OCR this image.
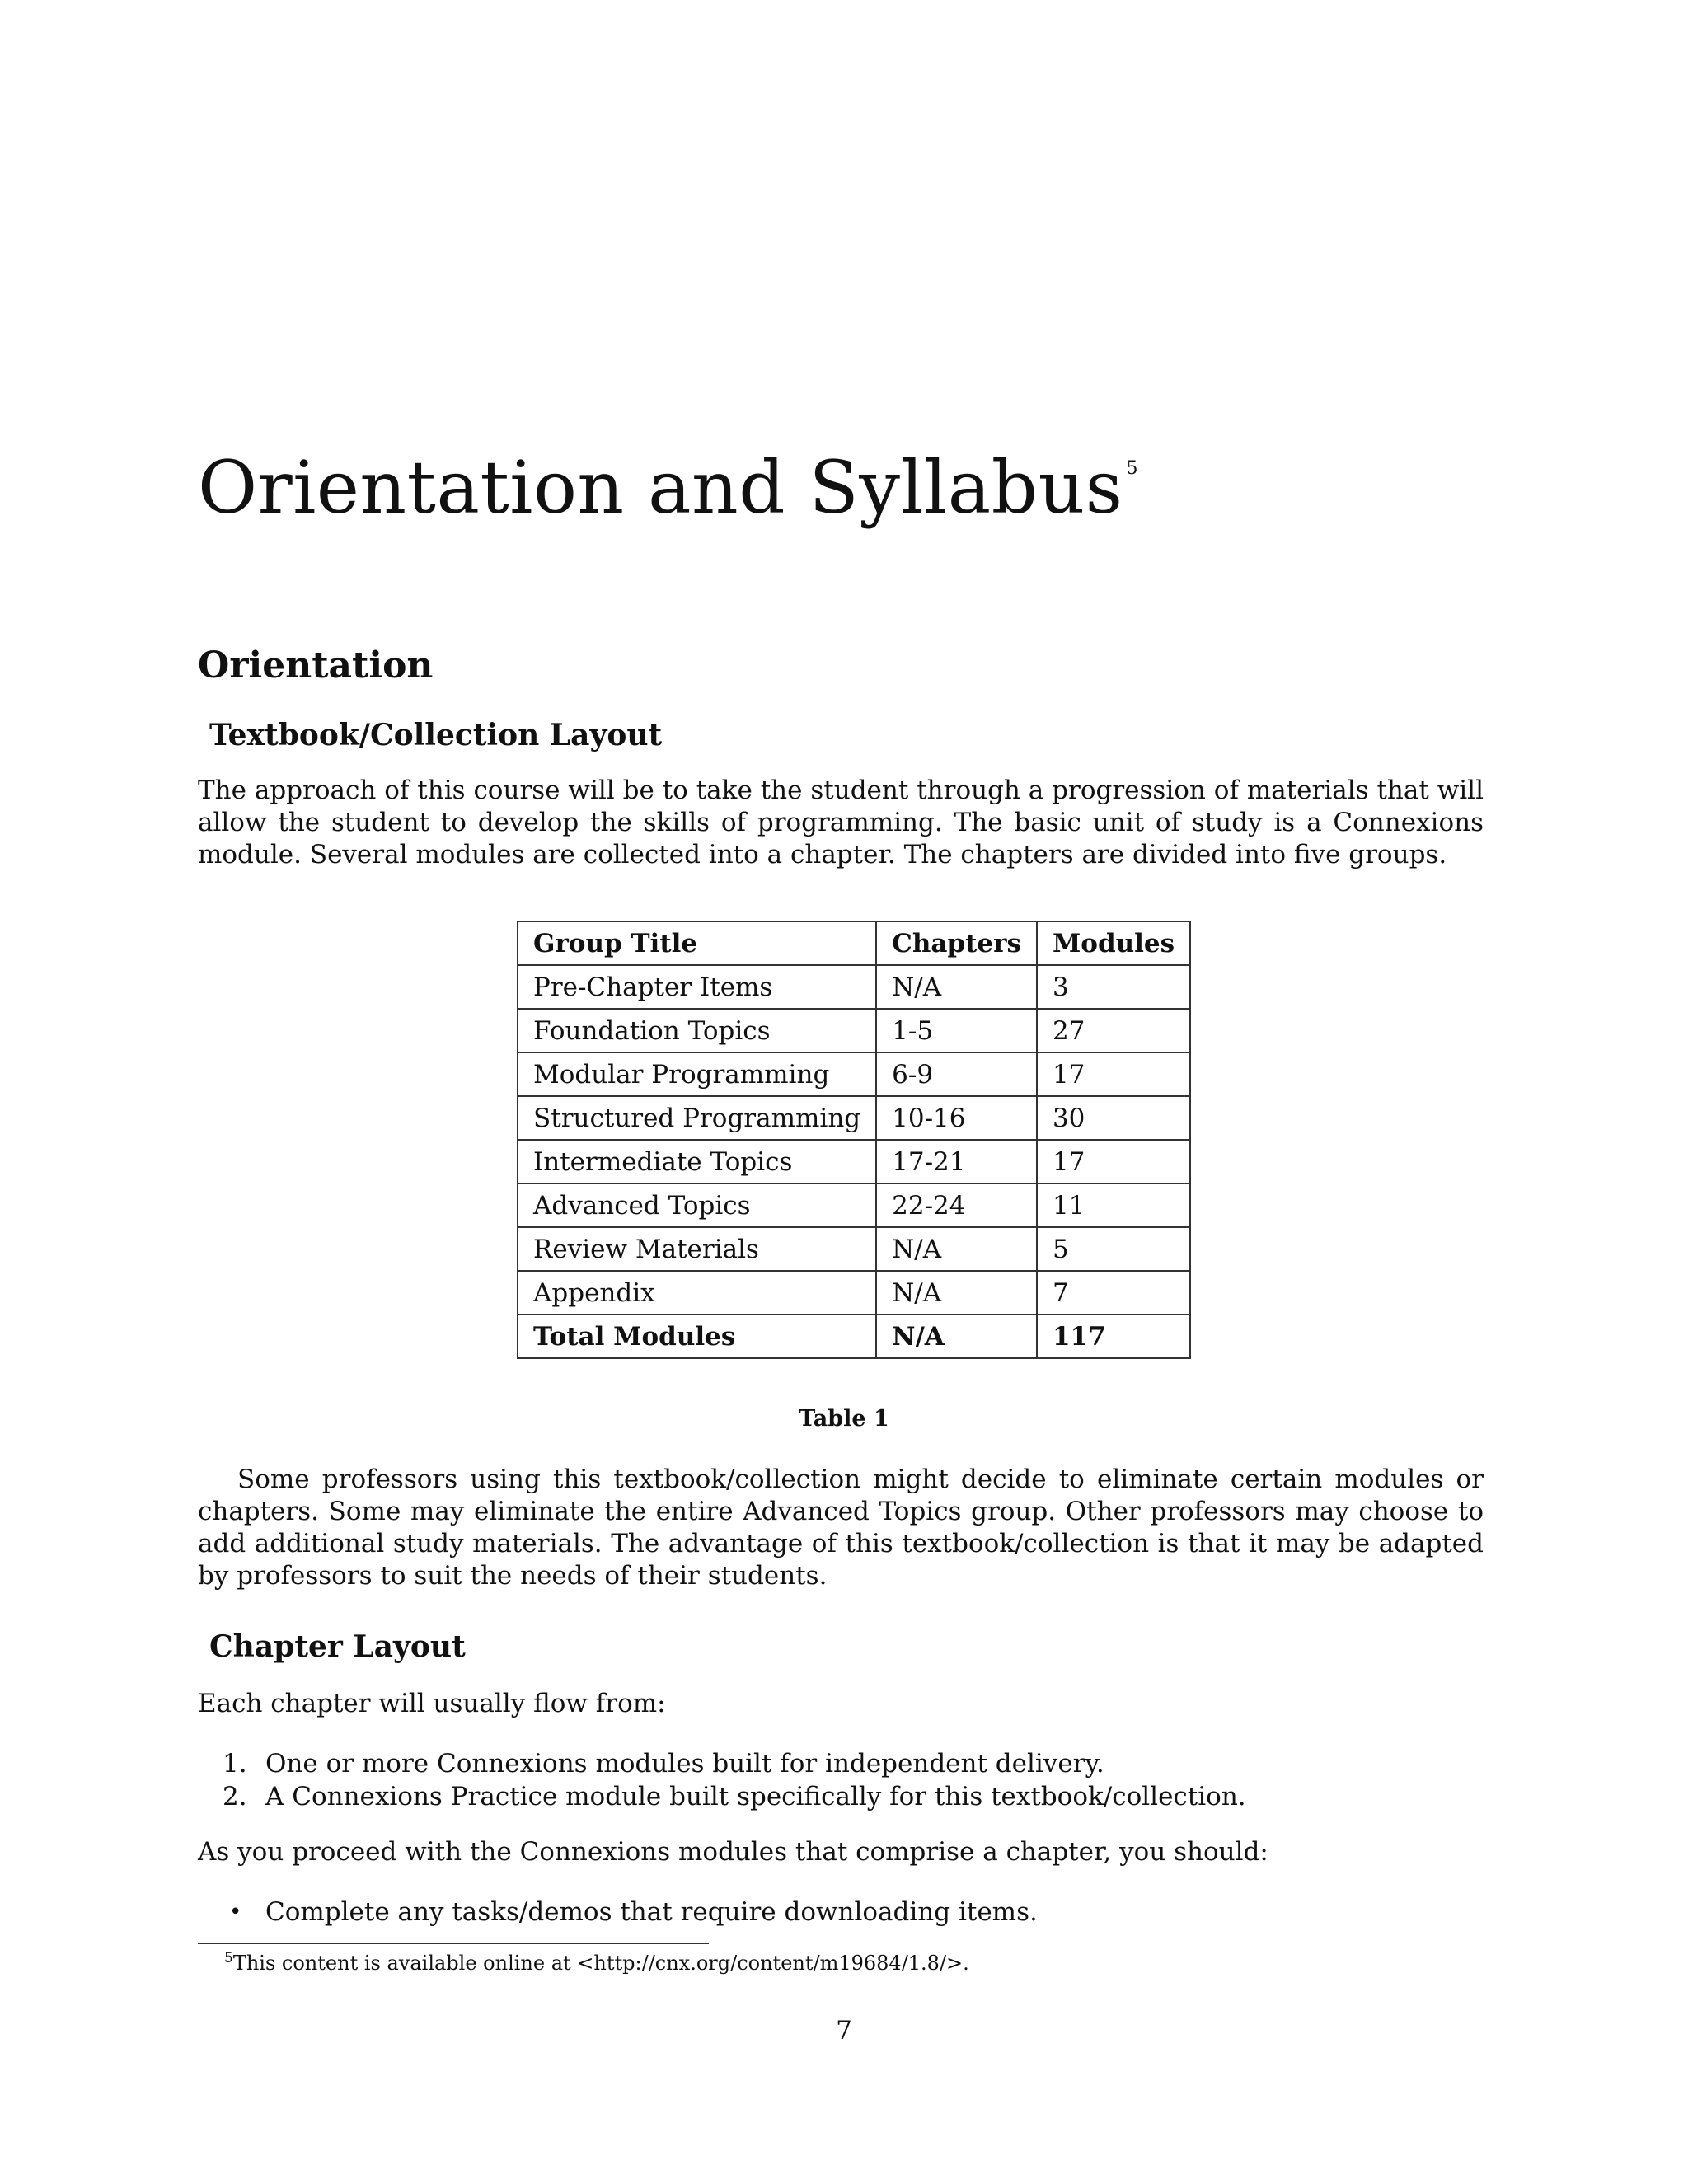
Orientation and Syllabus $^5$
Orientation
Textbook/Collection Layout

The approach of this course will be to take the student through a progression of materials that will allow the student to develop the skills of programming. The basic unit of study is a Connexions module. Several modules are collected into a chapter. The chapters are divided into five groups.

Group Title	Chapters	Modules
Pre-Chapter Items	N/A	3
Foundation Topics	1-5	27
Modular Programming	6-9	17
Structured Programming	10-16	30
Intermediate Topics	17-21	17
Advanced Topics	22-24	11
Review Materials	N/A	5
Appendix	N/A	7
Total Modules	N/A	117

Table 1

Some professors using this textbook/collection might decide to eliminate certain modules or chapters. Some may eliminate the entire Advanced Topics group. Other professors may choose to add additional study materials. The advantage of this textbook/collection is that it may be adapted by professors to suit the needs of their students.

Chapter Layout

Each chapter will usually flow from:

1. One or more Connexions modules built for independent delivery.
2. A Connexions Practice module built specifically for this textbook/collection.

As you proceed with the Connexions modules that comprise a chapter, you should:

• Complete any tasks/demos that require downloading items.

$^5$This content is available online at <http://cnx.org/content/m19684/1.8/>.

7
